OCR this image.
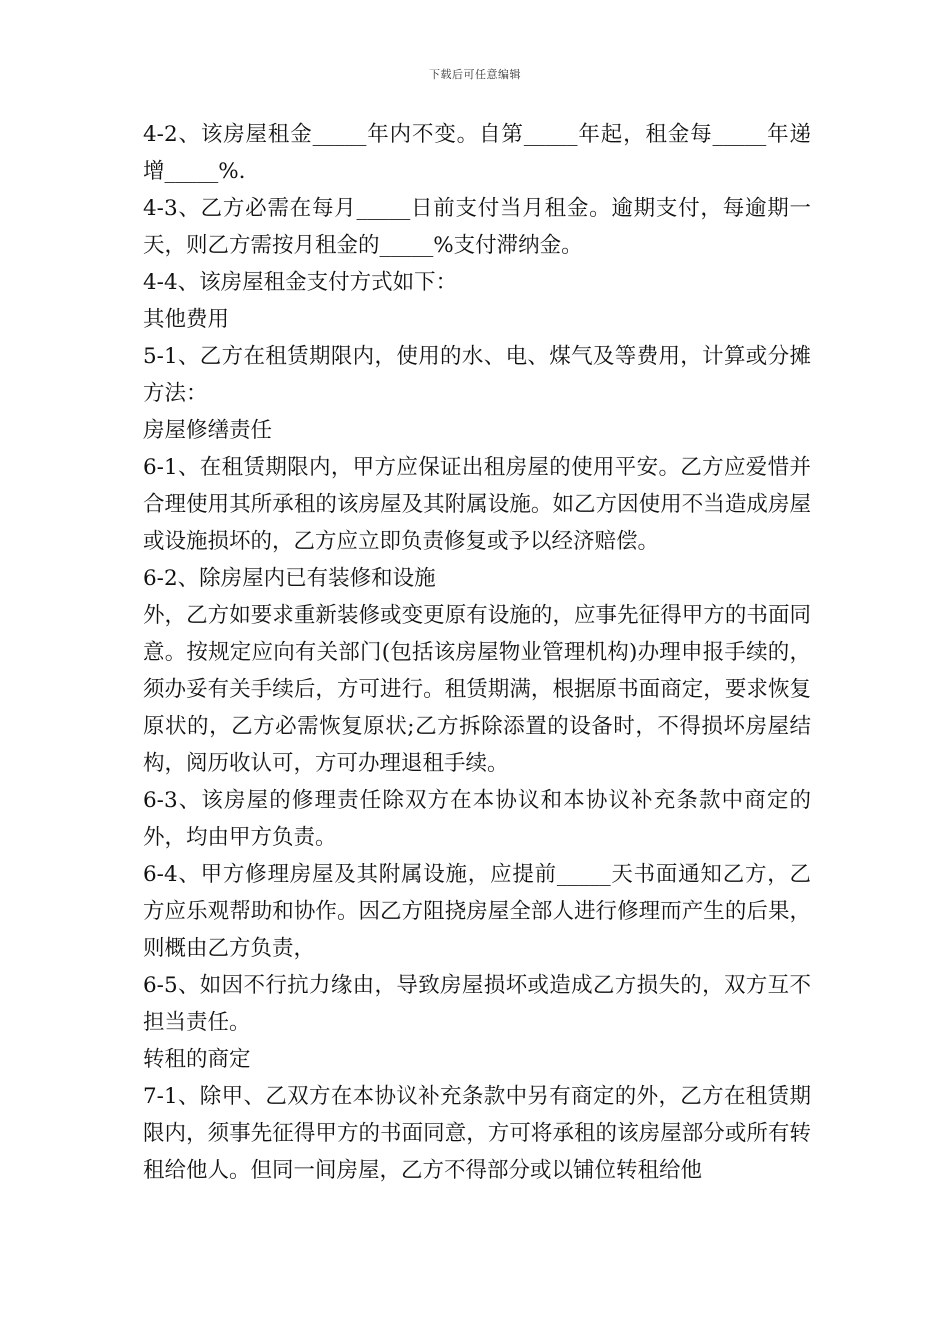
下载后可任意编辑

4-2、该房屋租金_____年内不变。自第_____年起，租金每_____年递增_____%.

4-3、乙方必需在每月_____日前支付当月租金。逾期支付，每逾期一天，则乙方需按月租金的_____%支付滞纳金。

4-4、该房屋租金支付方式如下：

其他费用

5-1、乙方在租赁期限内，使用的水、电、煤气及等费用，计算或分摊方法：

房屋修缮责任

6-1、在租赁期限内，甲方应保证出租房屋的使用平安。乙方应爱惜并合理使用其所承租的该房屋及其附属设施。如乙方因使用不当造成房屋或设施损坏的，乙方应立即负责修复或予以经济赔偿。

6-2、除房屋内已有装修和设施

外，乙方如要求重新装修或变更原有设施的，应事先征得甲方的书面同意。按规定应向有关部门(包括该房屋物业管理机构)办理申报手续的，须办妥有关手续后，方可进行。租赁期满，根据原书面商定，要求恢复原状的，乙方必需恢复原状;乙方拆除添置的设备时，不得损坏房屋结构，阅历收认可，方可办理退租手续。

6-3、该房屋的修理责任除双方在本协议和本协议补充条款中商定的外，均由甲方负责。

6-4、甲方修理房屋及其附属设施，应提前_____天书面通知乙方，乙方应乐观帮助和协作。因乙方阻挠房屋全部人进行修理而产生的后果，则概由乙方负责，

6-5、如因不行抗力缘由，导致房屋损坏或造成乙方损失的，双方互不担当责任。

转租的商定

7-1、除甲、乙双方在本协议补充条款中另有商定的外，乙方在租赁期限内，须事先征得甲方的书面同意，方可将承租的该房屋部分或所有转租给他人。但同一间房屋，乙方不得部分或以铺位转租给他
